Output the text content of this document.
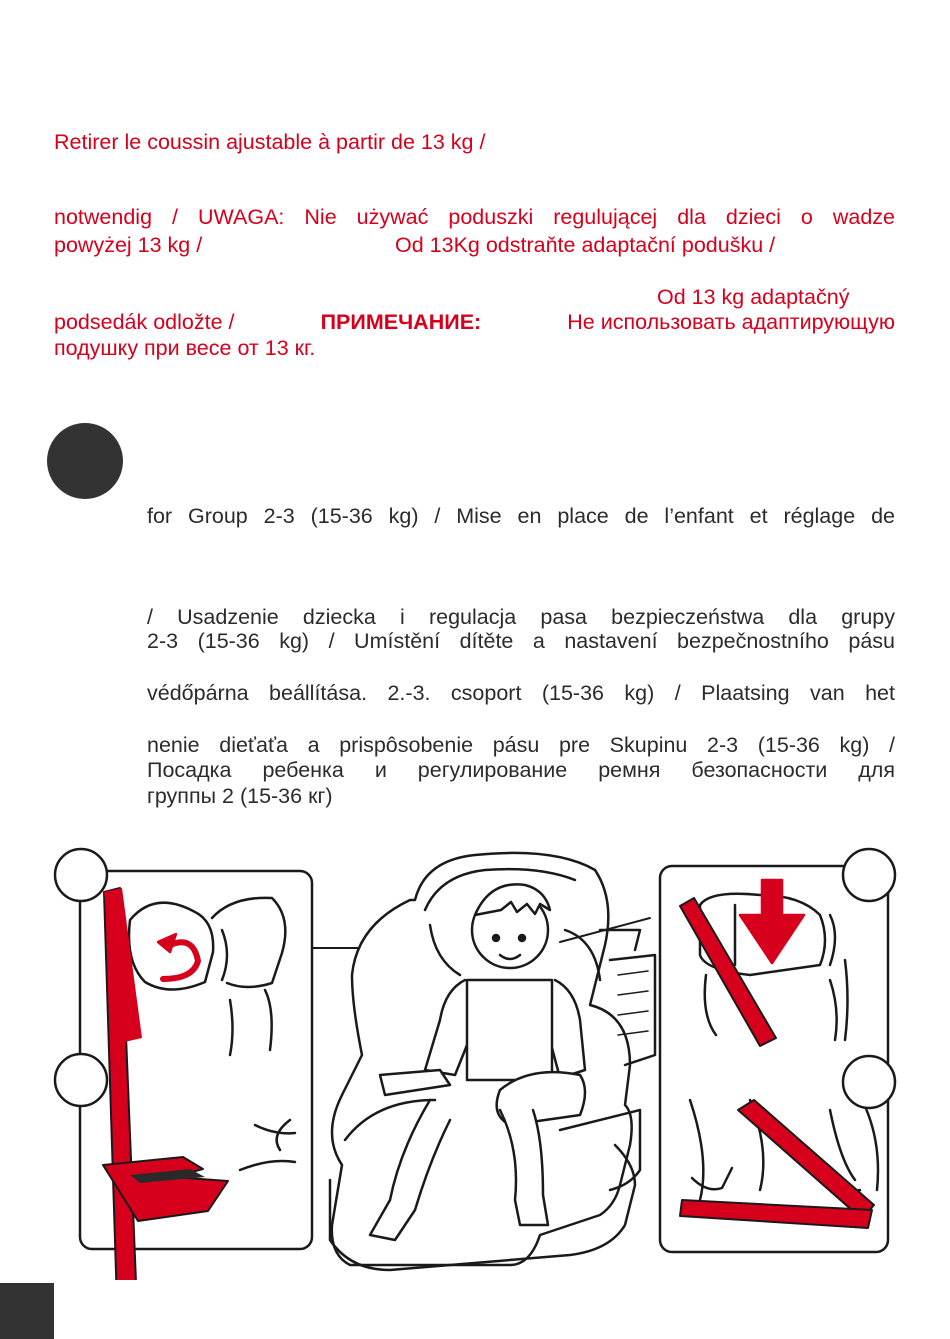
Retirer le coussin ajustable à partir de 13 kg /
notwendig / UWAGA: Nie używać poduszki regulującej dla dzieci o wadze
powyżej 13 kg /	Od 13Kg odstraňte adaptační podušku /
Od 13 kg adaptačný
podsedák odložte /	ПРИМЕЧАНИЕ:	Не использовать адаптирующую
подушку при весе от 13 кг.
for Group 2-3 (15-36 kg) / Mise en place de l’enfant et réglage de
/ Usadzenie dziecka i regulacja pasa bezpieczeństwa dla grupy
2-3 (15-36 kg) / Umístění dítěte a nastavení bezpečnostního pásu
védőpárna beállítása. 2.-3. csoport (15-36 kg) / Plaatsing van het
nenie dieťaťa a prispôsobenie pásu pre Skupinu 2-3 (15-36 kg) /
Посадка ребенка и регулирование ремня безопасности для
группы 2 (15-36 кг)
